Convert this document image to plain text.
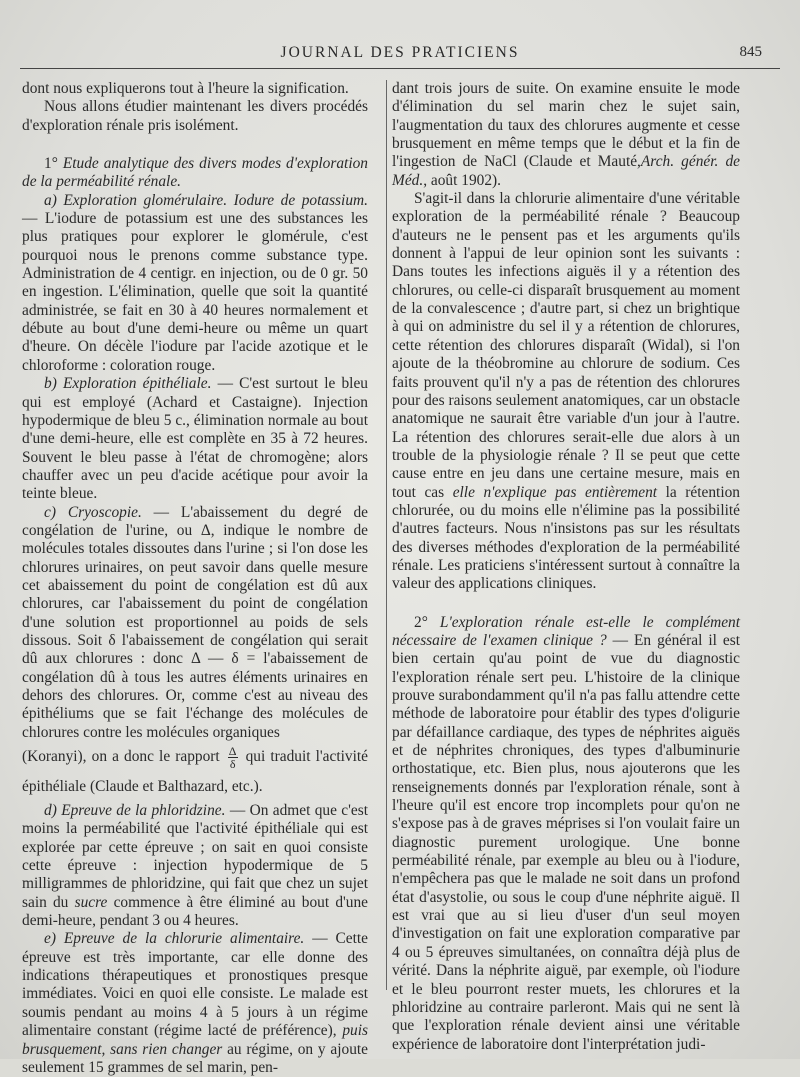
JOURNAL DES PRATICIENS	845

dont nous expliquerons tout à l'heure la signification.

Nous allons étudier maintenant les divers procédés d'exploration rénale pris isolément.

1° Etude analytique des divers modes d'exploration de la perméabilité rénale.

a) Exploration glomérulaire. Iodure de potassium. — L'iodure de potassium est une des substances les plus pratiques pour explorer le glomérule, c'est pourquoi nous le prenons comme substance type. Administration de 4 centigr. en injection, ou de 0 gr. 50 en ingestion. L'élimination, quelle que soit la quantité administrée, se fait en 30 à 40 heures normalement et débute au bout d'une demi-heure ou même un quart d'heure. On décèle l'iodure par l'acide azotique et le chloroforme : coloration rouge.

b) Exploration épithéliale. — C'est surtout le bleu qui est employé (Achard et Castaigne). Injection hypodermique de bleu 5 c., élimination normale au bout d'une demi-heure, elle est complète en 35 à 72 heures. Souvent le bleu passe à l'état de chromogène; alors chauffer avec un peu d'acide acétique pour avoir la teinte bleue.

c) Cryoscopie. — L'abaissement du degré de congélation de l'urine, ou Δ, indique le nombre de molécules totales dissoutes dans l'urine ; si l'on dose les chlorures urinaires, on peut savoir dans quelle mesure cet abaissement du point de congélation est dû aux chlorures, car l'abaissement du point de congélation d'une solution est proportionnel au poids de sels dissous. Soit δ l'abaissement de congélation qui serait dû aux chlorures : donc Δ — δ = l'abaissement de congélation dû à tous les autres éléments urinaires en dehors des chlorures. Or, comme c'est au niveau des épithéliums que se fait l'échange des molécules de chlorures contre les molécules organiques

(Koranyi), on a donc le rapport $\frac{\Delta}{\delta}$ qui traduit l'activité épithéliale (Claude et Balthazard, etc.).

d) Epreuve de la phloridzine. — On admet que c'est moins la perméabilité que l'activité épithéliale qui est explorée par cette épreuve ; on sait en quoi consiste cette épreuve : injection hypodermique de 5 milligrammes de phloridzine, qui fait que chez un sujet sain du sucre commence à être éliminé au bout d'une demi-heure, pendant 3 ou 4 heures.

e) Epreuve de la chlorurie alimentaire. — Cette épreuve est très importante, car elle donne des indications thérapeutiques et pronostiques presque immédiates. Voici en quoi elle consiste. Le malade est soumis pendant au moins 4 à 5 jours à un régime alimentaire constant (régime lacté de préférence), puis brusquement, sans rien changer au régime, on y ajoute seulement 15 grammes de sel marin, pen-

dant trois jours de suite. On examine ensuite le mode d'élimination du sel marin chez le sujet sain, l'augmentation du taux des chlorures augmente et cesse brusquement en même temps que le début et la fin de l'ingestion de NaCl (Claude et Mauté,Arch. génér. de Méd., août 1902).

S'agit-il dans la chlorurie alimentaire d'une véritable exploration de la perméabilité rénale ? Beaucoup d'auteurs ne le pensent pas et les arguments qu'ils donnent à l'appui de leur opinion sont les suivants : Dans toutes les infections aiguës il y a rétention des chlorures, ou celle-ci disparaît brusquement au moment de la convalescence ; d'autre part, si chez un brightique à qui on administre du sel il y a rétention de chlorures, cette rétention des chlorures disparaît (Widal), si l'on ajoute de la théobromine au chlorure de sodium. Ces faits prouvent qu'il n'y a pas de rétention des chlorures pour des raisons seulement anatomiques, car un obstacle anatomique ne saurait être variable d'un jour à l'autre. La rétention des chlorures serait-elle due alors à un trouble de la physiologie rénale ? Il se peut que cette cause entre en jeu dans une certaine mesure, mais en tout cas elle n'explique pas entièrement la rétention chlorurée, ou du moins elle n'élimine pas la possibilité d'autres facteurs. Nous n'insistons pas sur les résultats des diverses méthodes d'exploration de la perméabilité rénale. Les praticiens s'intéressent surtout à connaître la valeur des applications cliniques.

2° L'exploration rénale est-elle le complément nécessaire de l'examen clinique ? — En général il est bien certain qu'au point de vue du diagnostic l'exploration rénale sert peu. L'histoire de la clinique prouve surabondamment qu'il n'a pas fallu attendre cette méthode de laboratoire pour établir des types d'oligurie par défaillance cardiaque, des types de néphrites aiguës et de néphrites chroniques, des types d'albuminurie orthostatique, etc. Bien plus, nous ajouterons que les renseignements donnés par l'exploration rénale, sont à l'heure qu'il est encore trop incomplets pour qu'on ne s'expose pas à de graves méprises si l'on voulait faire un diagnostic purement urologique. Une bonne perméabilité rénale, par exemple au bleu ou à l'iodure, n'empêchera pas que le malade ne soit dans un profond état d'asystolie, ou sous le coup d'une néphrite aiguë. Il est vrai que au si lieu d'user d'un seul moyen d'investigation on fait une exploration comparative par 4 ou 5 épreuves simultanées, on connaîtra déjà plus de vérité. Dans la néphrite aiguë, par exemple, où l'iodure et le bleu pourront rester muets, les chlorures et la phloridzine au contraire parleront. Mais qui ne sent là que l'exploration rénale devient ainsi une véritable expérience de laboratoire dont l'interprétation judi-
